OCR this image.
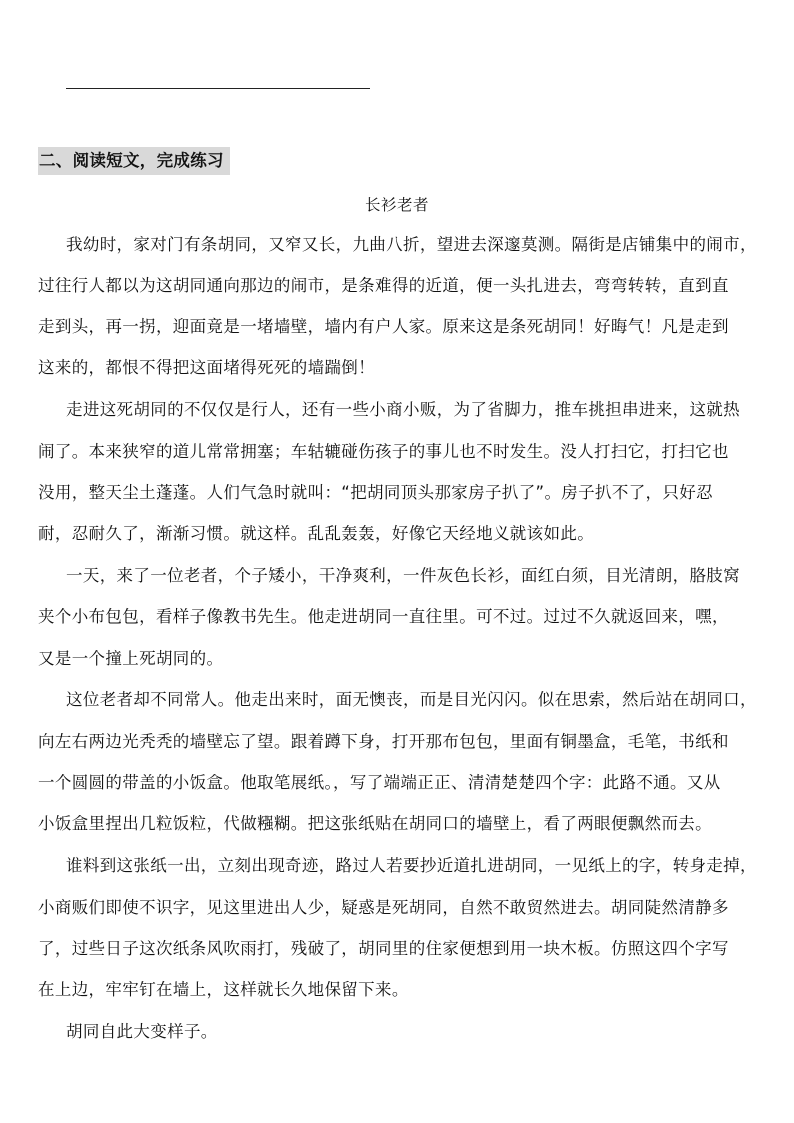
二、阅读短文，完成练习
长衫老者
我幼时，家对门有条胡同，又窄又长，九曲八折，望进去深邃莫测。隔街是店铺集中的闹市，
过往行人都以为这胡同通向那边的闹市，是条难得的近道，便一头扎进去，弯弯转转，直到直
走到头，再一拐，迎面竟是一堵墙壁，墙内有户人家。原来这是条死胡同！好晦气！凡是走到
这来的，都恨不得把这面堵得死死的墙踹倒！
走进这死胡同的不仅仅是行人，还有一些小商小贩，为了省脚力，推车挑担串进来，这就热
闹了。本来狭窄的道儿常常拥塞；车轱辘碰伤孩子的事儿也不时发生。没人打扫它，打扫它也
没用，整天尘土蓬蓬。人们气急时就叫：“把胡同顶头那家房子扒了”。房子扒不了，只好忍
耐，忍耐久了，渐渐习惯。就这样。乱乱轰轰，好像它天经地义就该如此。
一天，来了一位老者，个子矮小，干净爽利，一件灰色长衫，面红白须，目光清朗，胳肢窝
夹个小布包包，看样子像教书先生。他走进胡同一直往里。可不过。过过不久就返回来，嘿，
又是一个撞上死胡同的。
这位老者却不同常人。他走出来时，面无懊丧，而是目光闪闪。似在思索，然后站在胡同口，
向左右两边光秃秃的墙壁忘了望。跟着蹲下身，打开那布包包，里面有铜墨盒，毛笔，书纸和
一个圆圆的带盖的小饭盒。他取笔展纸。，写了端端正正、清清楚楚四个字：此路不通。又从
小饭盒里捏出几粒饭粒，代做糨糊。把这张纸贴在胡同口的墙壁上，看了两眼便飘然而去。
谁料到这张纸一出，立刻出现奇迹，路过人若要抄近道扎进胡同，一见纸上的字，转身走掉，
小商贩们即使不识字，见这里进出人少，疑惑是死胡同，自然不敢贸然进去。胡同陡然清静多
了，过些日子这次纸条风吹雨打，残破了，胡同里的住家便想到用一块木板。仿照这四个字写
在上边，牢牢钉在墙上，这样就长久地保留下来。
胡同自此大变样子。
